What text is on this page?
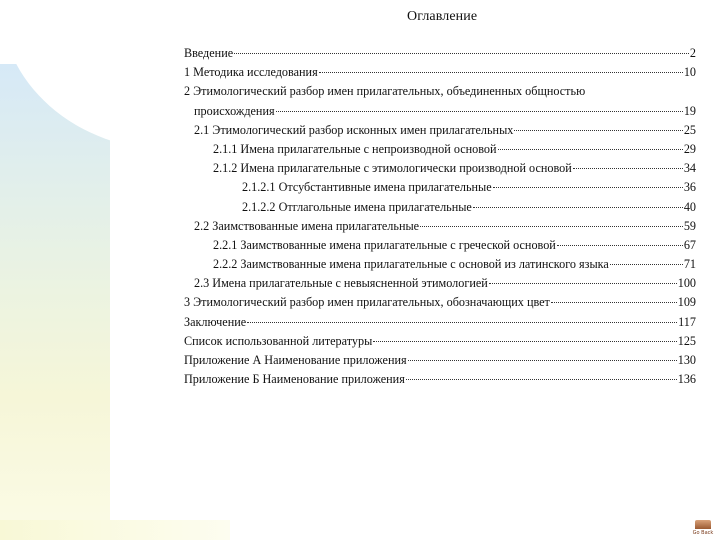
Оглавление
Введение	2
1 Методика исследования	10
2 Этимологический разбор имен прилагательных, объединенных общностью
происхождения	19
2.1 Этимологический разбор исконных имен прилагательных	25
2.1.1 Имена прилагательные с непроизводной основой	29
2.1.2 Имена прилагательные с этимологически производной основой	34
2.1.2.1 Отсубстантивные имена прилагательные	36
2.1.2.2 Отглагольные имена прилагательные	40
2.2 Заимствованные имена прилагательные	59
2.2.1 Заимствованные имена прилагательные с греческой основой	67
2.2.2 Заимствованные имена прилагательные с основой из латинского языка	71
2.3 Имена прилагательные с невыясненной этимологией	100
3 Этимологический разбор имен прилагательных, обозначающих цвет	109
Заключение	117
Список использованной литературы	125
Приложение А Наименование приложения	130
Приложение Б Наименование приложения	136
Go Back
